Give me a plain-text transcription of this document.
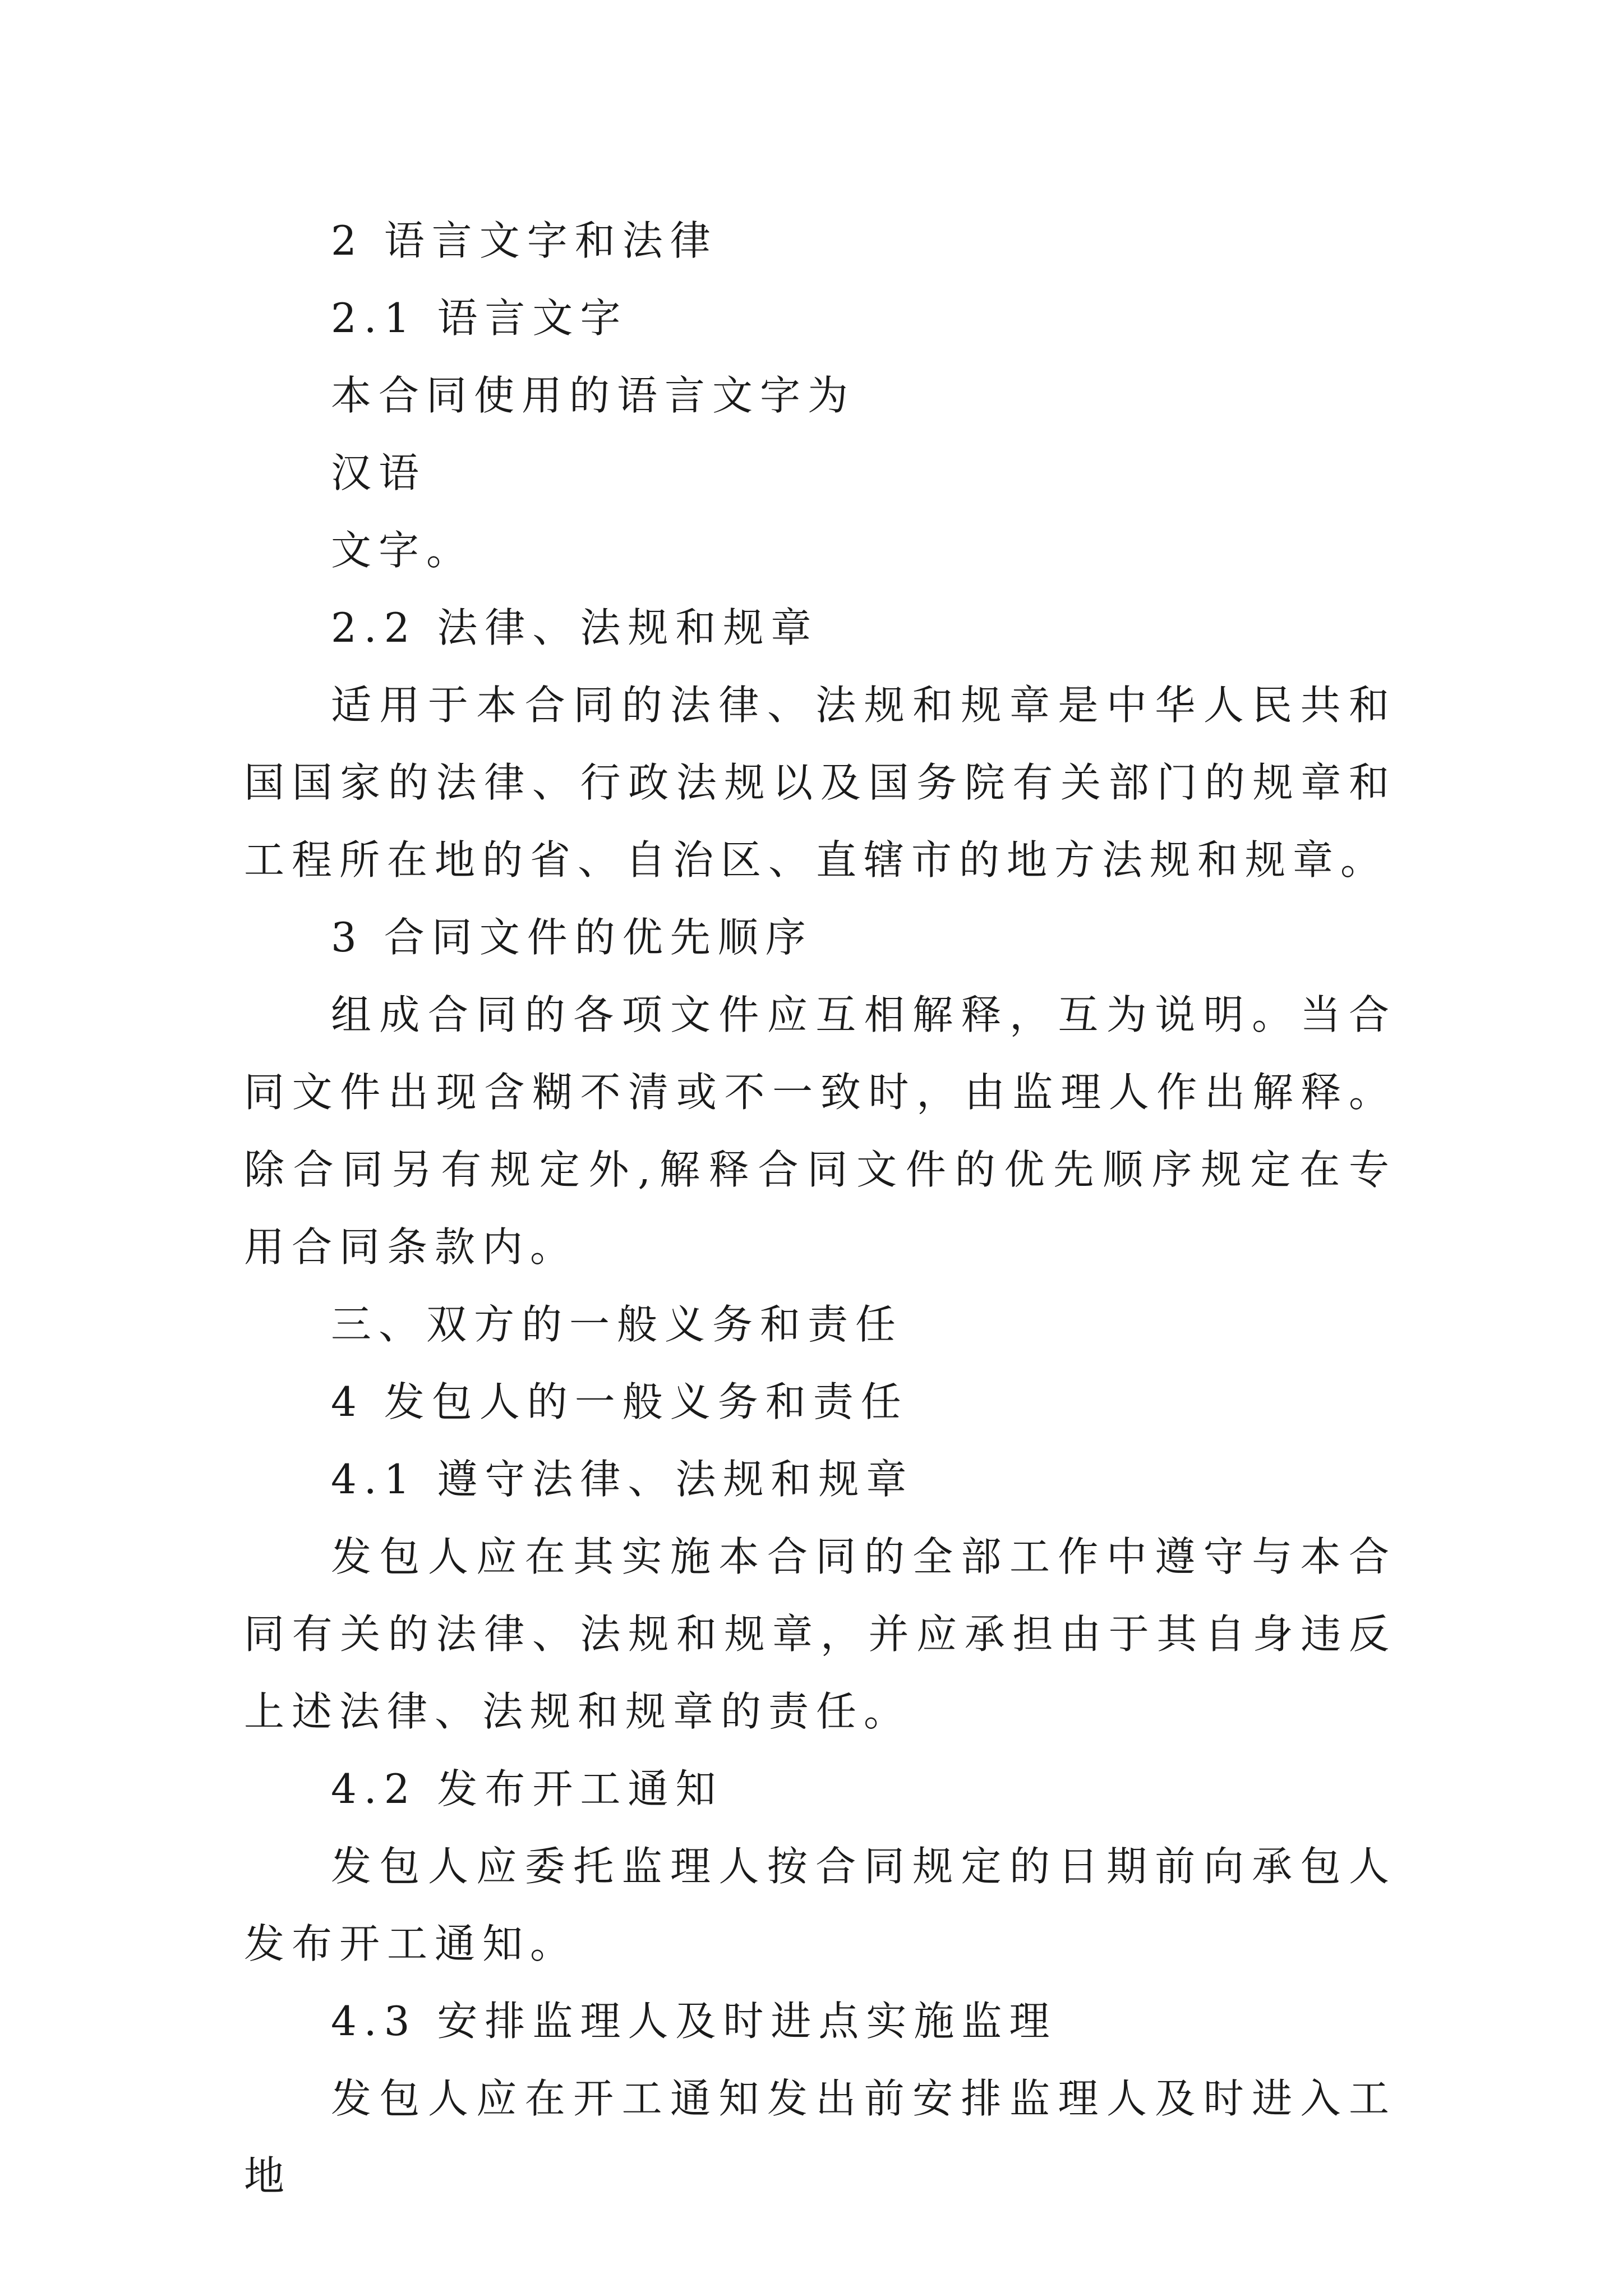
2 语言文字和法律
2.1 语言文字
本合同使用的语言文字为
汉语
文字。
2.2 法律、法规和规章

适用于本合同的法律、法规和规章是中华人民共和国国家的法律、行政法规以及国务院有关部门的规章和工程所在地的省、自治区、直辖市的地方法规和规章。

3 合同文件的优先顺序

组成合同的各项文件应互相解释，互为说明。当合同文件出现含糊不清或不一致时，由监理人作出解释。除合同另有规定外,解释合同文件的优先顺序规定在专用合同条款内。

三、双方的一般义务和责任
4 发包人的一般义务和责任
4.1 遵守法律、法规和规章

发包人应在其实施本合同的全部工作中遵守与本合同有关的法律、法规和规章，并应承担由于其自身违反上述法律、法规和规章的责任。

4.2 发布开工通知

发包人应委托监理人按合同规定的日期前向承包人发布开工通知。

4.3 安排监理人及时进点实施监理

发包人应在开工通知发出前安排监理人及时进入工地
